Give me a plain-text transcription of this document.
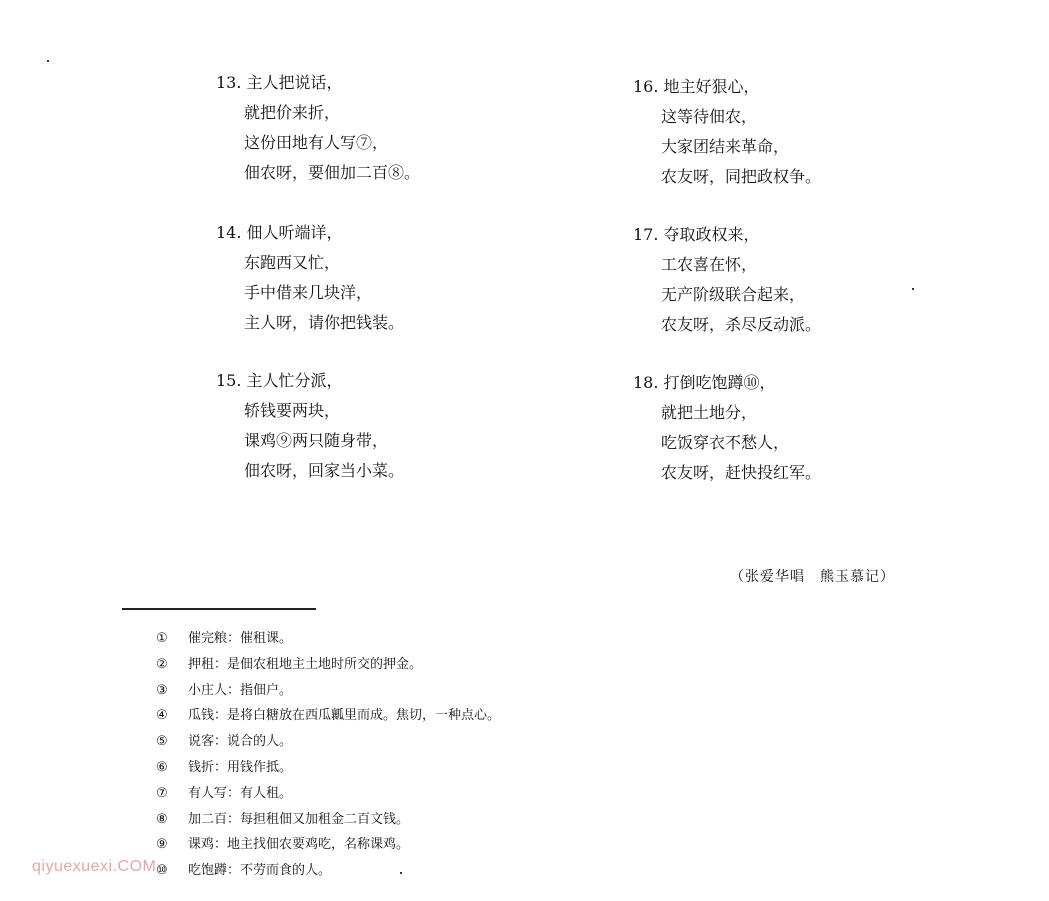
13. 主人把说话，
就把价来折，
这份田地有人写⑦，
佃农呀，要佃加二百⑧。
14. 佃人听端详，
东跑西又忙，
手中借来几块洋，
主人呀，请你把钱装。
15. 主人忙分派，
轿钱要两块，
课鸡⑨两只随身带，
佃农呀，回家当小菜。
16. 地主好狠心，
这等待佃农，
大家团结来革命，
农友呀，同把政权争。
17. 夺取政权来，
工农喜在怀，
无产阶级联合起来，
农友呀，杀尽反动派。
18. 打倒吃饱蹲⑩，
就把土地分，
吃饭穿衣不愁人，
农友呀，赶快投红军。
（张爱华唱　熊玉慕记）
① 催完粮：催租课。
② 押租：是佃农租地主土地时所交的押金。
③ 小庄人：指佃户。
④ 瓜钱：是将白糖放在西瓜瓤里而成。焦切，一种点心。
⑤ 说客：说合的人。
⑥ 钱折：用钱作抵。
⑦ 有人写：有人租。
⑧ 加二百：每担租佃又加租金二百文钱。
⑨ 课鸡：地主找佃农要鸡吃，名称课鸡。
⑩ 吃饱蹲：不劳而食的人。
qiyuexuexi.COM
